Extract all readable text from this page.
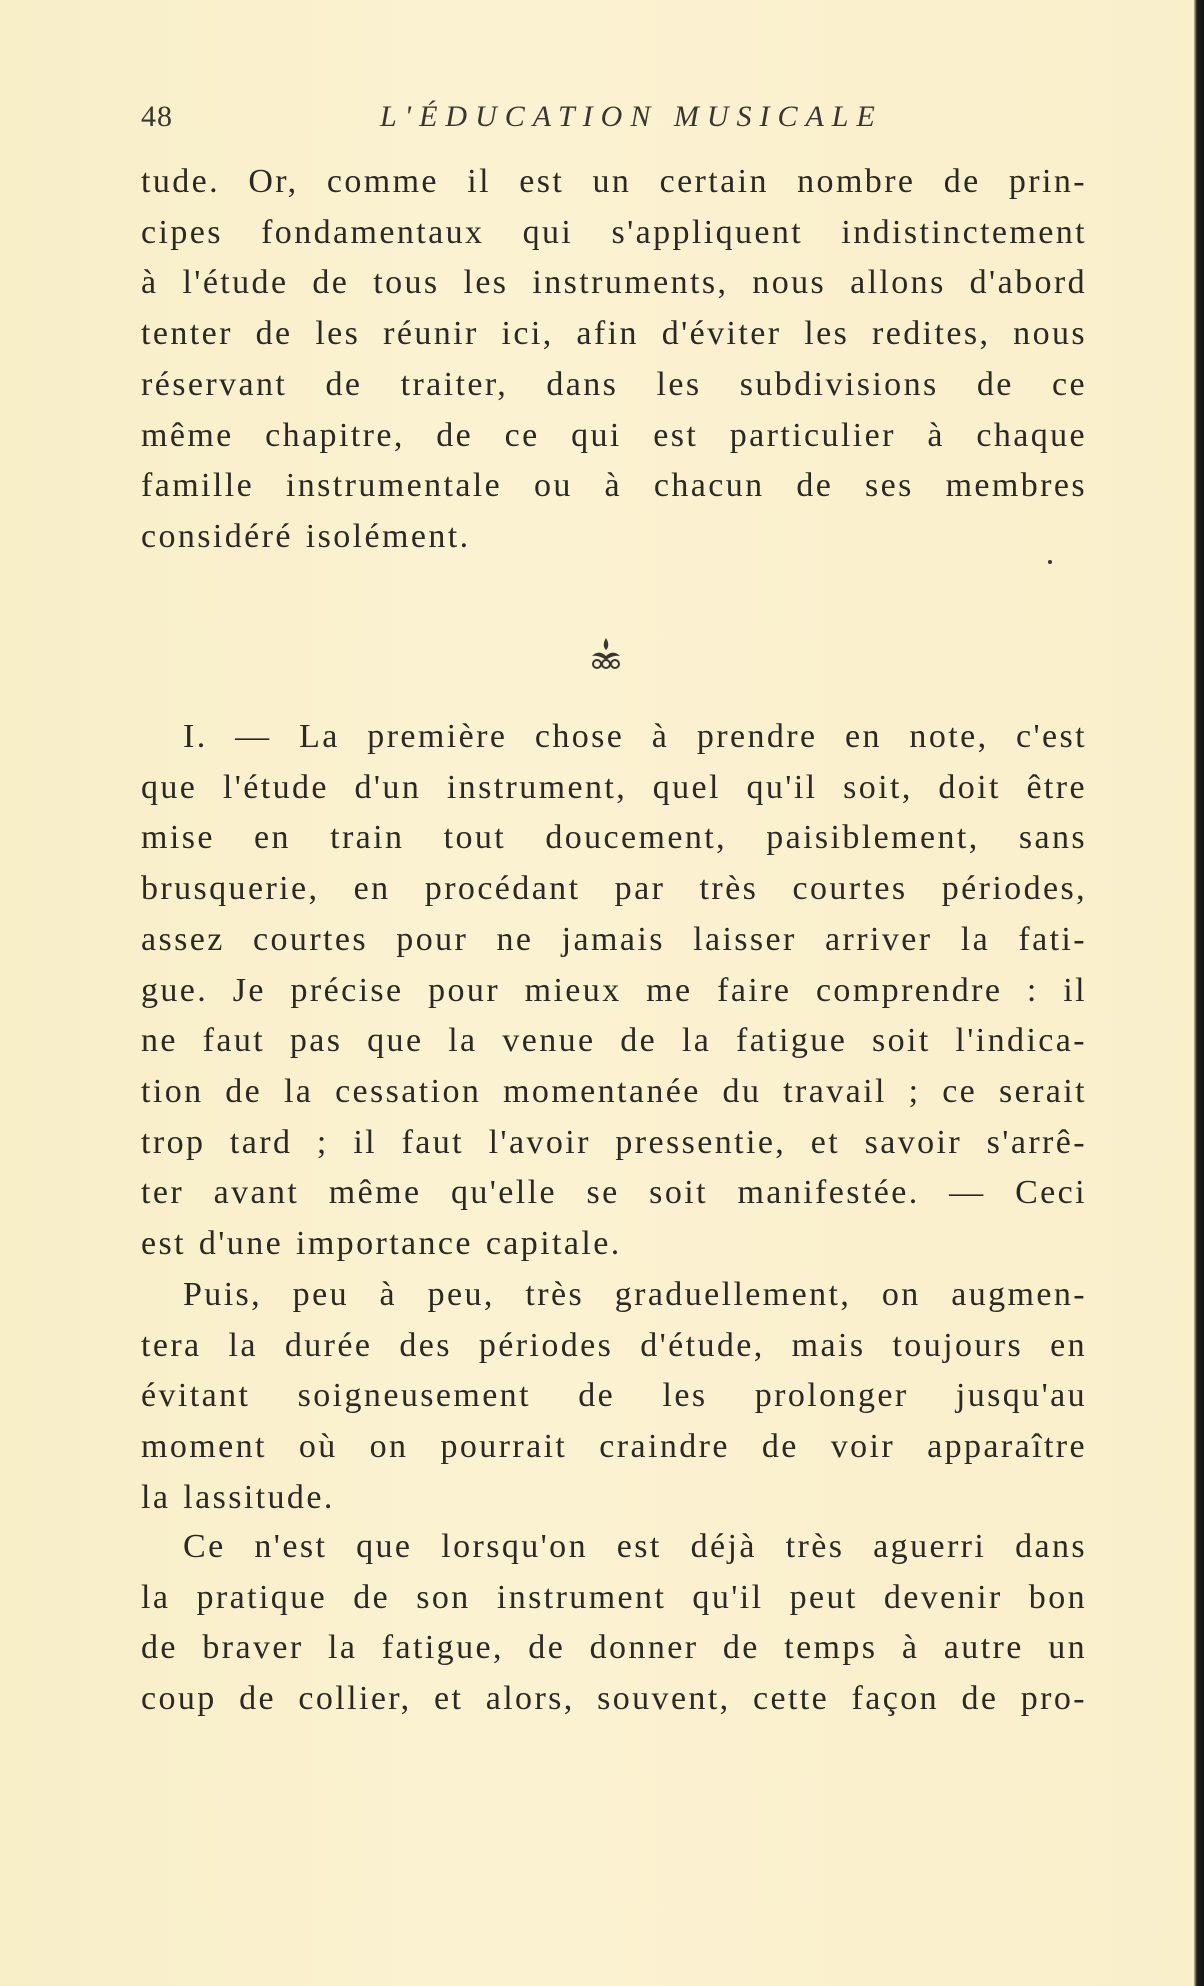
48	L'ÉDUCATION MUSICALE
tude. Or, comme il est un certain nombre de prin-
cipes fondamentaux qui s'appliquent indistinctement
à l'étude de tous les instruments, nous allons d'abord
tenter de les réunir ici, afin d'éviter les redites, nous
réservant de traiter, dans les subdivisions de ce
même chapitre, de ce qui est particulier à chaque
famille instrumentale ou à chacun de ses membres
considéré isolément.
I. — La première chose à prendre en note, c'est
que l'étude d'un instrument, quel qu'il soit, doit être
mise en train tout doucement, paisiblement, sans
brusquerie, en procédant par très courtes périodes,
assez courtes pour ne jamais laisser arriver la fati-
gue. Je précise pour mieux me faire comprendre : il
ne faut pas que la venue de la fatigue soit l'indica-
tion de la cessation momentanée du travail ; ce serait
trop tard ; il faut l'avoir pressentie, et savoir s'arrê-
ter avant même qu'elle se soit manifestée. — Ceci
est d'une importance capitale.
Puis, peu à peu, très graduellement, on augmen-
tera la durée des périodes d'étude, mais toujours en
évitant soigneusement de les prolonger jusqu'au
moment où on pourrait craindre de voir apparaître
la lassitude.
Ce n'est que lorsqu'on est déjà très aguerri dans
la pratique de son instrument qu'il peut devenir bon
de braver la fatigue, de donner de temps à autre un
coup de collier, et alors, souvent, cette façon de pro-
